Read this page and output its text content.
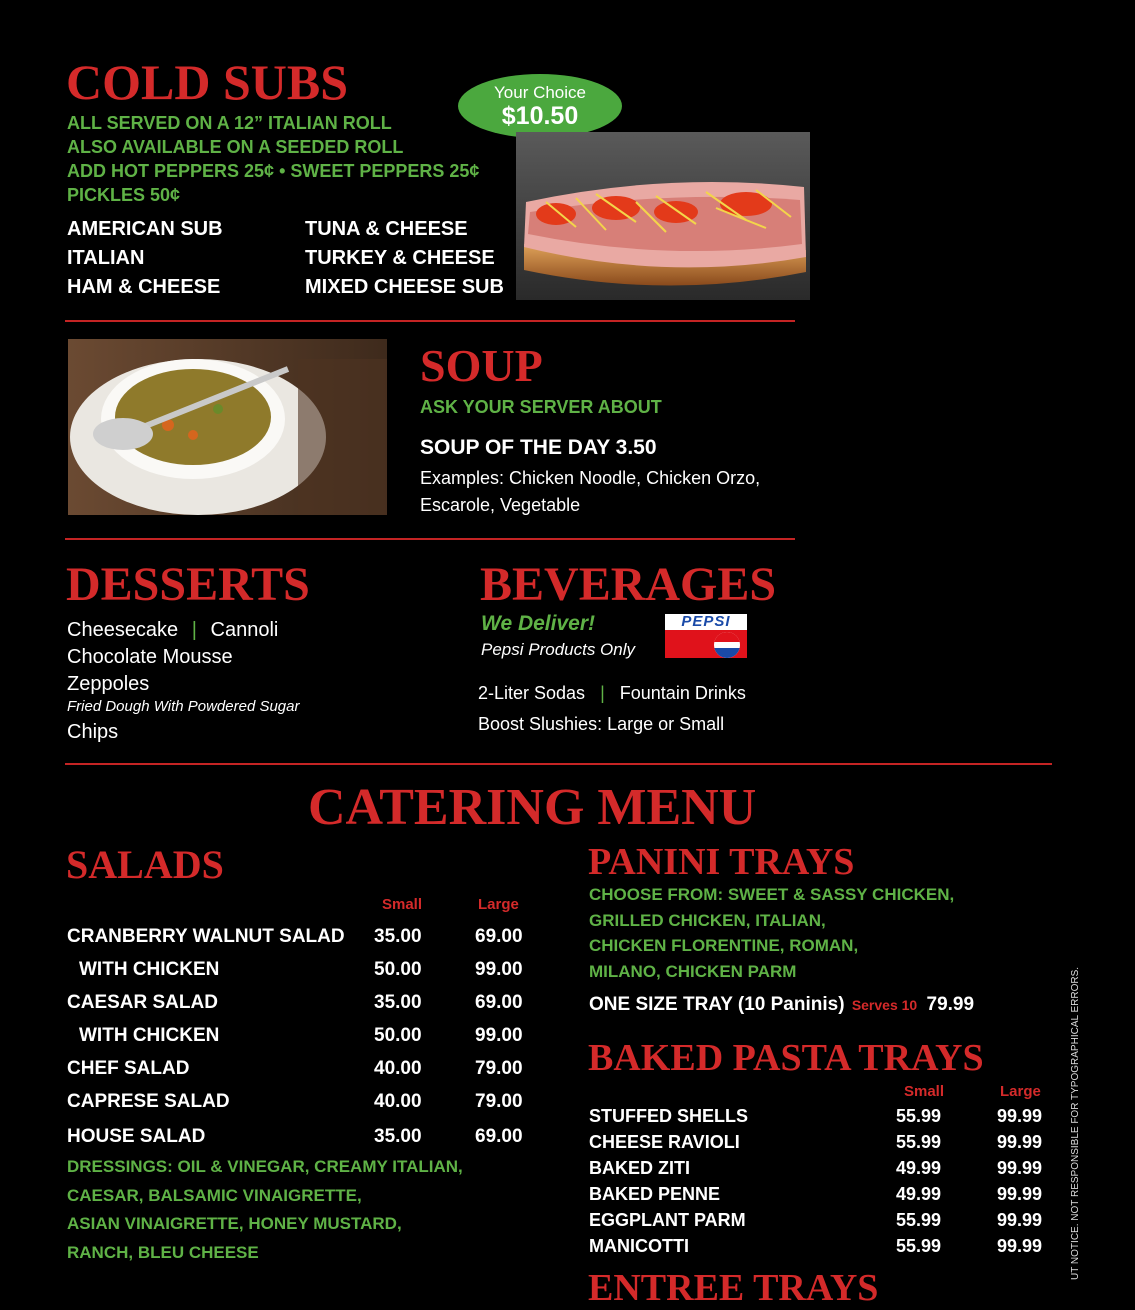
COLD SUBS
ALL SERVED ON A 12” ITALIAN ROLL
ALSO AVAILABLE ON A SEEDED ROLL
ADD HOT PEPPERS 25¢ • SWEET PEPPERS 25¢
PICKLES 50¢
AMERICAN SUB
ITALIAN
HAM & CHEESE
TUNA & CHEESE
TURKEY & CHEESE
MIXED CHEESE SUB
Your Choice
$10.50
SOUP
ASK YOUR SERVER ABOUT
SOUP OF THE DAY 3.50
Examples: Chicken Noodle, Chicken Orzo,
Escarole, Vegetable
DESSERTS
Cheesecake | Cannoli
Chocolate Mousse
Zeppoles
Fried Dough With Powdered Sugar
Chips
BEVERAGES
We Deliver!
Pepsi Products Only
PEPSI
2-Liter Sodas | Fountain Drinks
Boost Slushies: Large or Small
CATERING MENU
SALADS
Small	Large
CRANBERRY WALNUT SALAD
WITH CHICKEN
CAESAR SALAD
WITH CHICKEN
CHEF SALAD
CAPRESE SALAD
HOUSE SALAD
35.00
50.00
35.00
50.00
40.00
40.00
35.00
69.00
99.00
69.00
99.00
79.00
79.00
69.00
DRESSINGS: OIL & VINEGAR, CREAMY ITALIAN,
CAESAR, BALSAMIC VINAIGRETTE,
ASIAN VINAIGRETTE, HONEY MUSTARD,
RANCH, BLEU CHEESE
PANINI TRAYS
CHOOSE FROM: SWEET & SASSY CHICKEN,
GRILLED CHICKEN, ITALIAN,
CHICKEN FLORENTINE, ROMAN,
MILANO, CHICKEN PARM
ONE SIZE TRAY (10 Paninis) Serves 10 79.99
BAKED PASTA TRAYS
Small	Large
STUFFED SHELLS
CHEESE RAVIOLI
BAKED ZITI
BAKED PENNE
EGGPLANT PARM
MANICOTTI
55.99
55.99
49.99
49.99
55.99
55.99
99.99
99.99
99.99
99.99
99.99
99.99
ENTREE TRAYS
UT NOTICE. NOT RESPONSIBLE FOR TYPOGRAPHICAL ERRORS.
